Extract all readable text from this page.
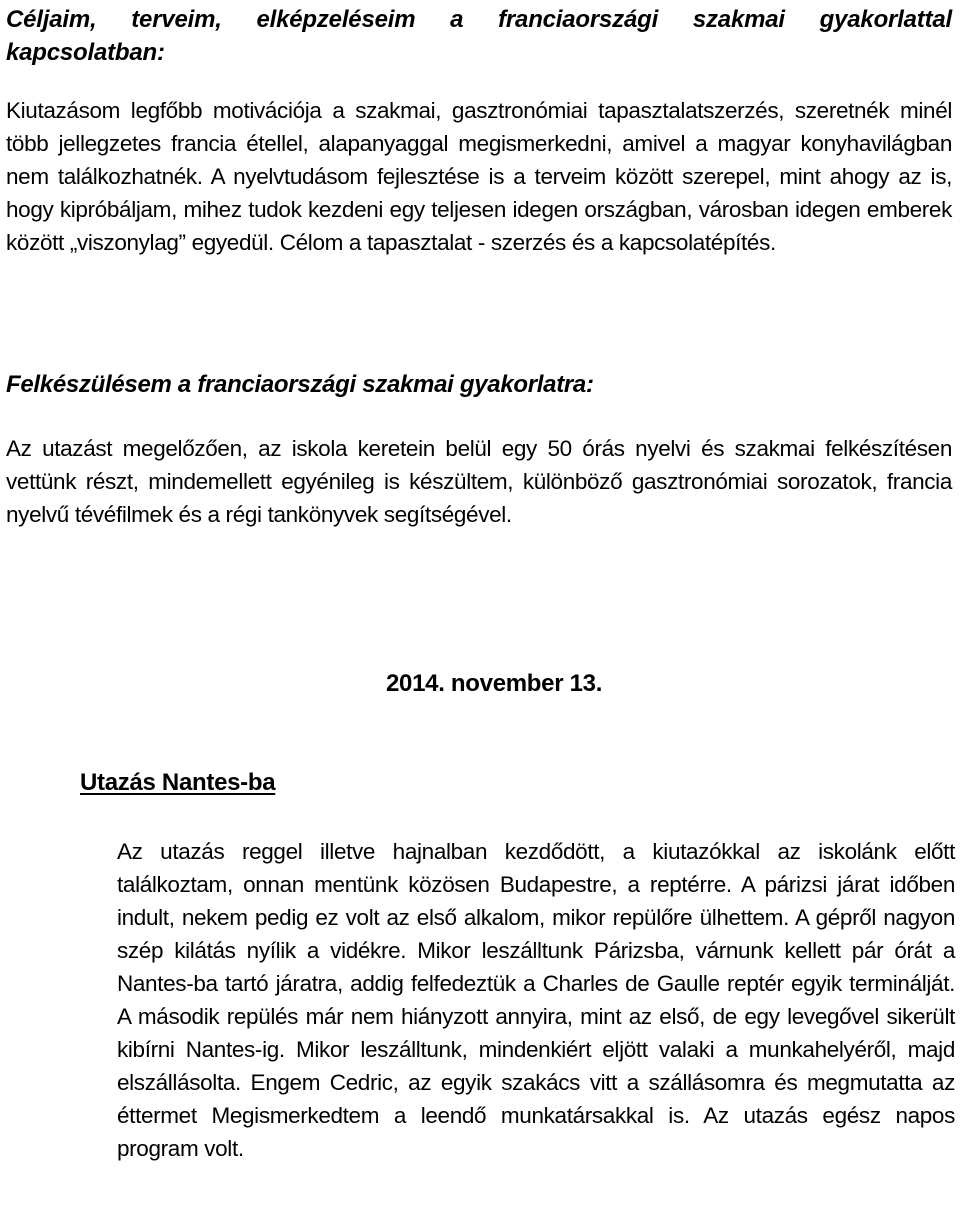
Céljaim, terveim, elképzeléseim a franciaországi szakmai gyakorlattal kapcsolatban:

Kiutazásom legfőbb motivációja a szakmai, gasztronómiai tapasztalatszerzés, szeretnék minél több jellegzetes francia étellel, alapanyaggal megismerkedni, amivel a magyar konyhavilágban nem találkozhatnék. A nyelvtudásom fejlesztése is a terveim között szerepel, mint ahogy az is, hogy kipróbáljam, mihez tudok kezdeni egy teljesen idegen országban, városban idegen emberek között „viszonylag” egyedül. Célom a tapasztalat - szerzés és a kapcsolatépítés.

Felkészülésem a franciaországi szakmai gyakorlatra:

Az utazást megelőzően, az iskola keretein belül egy 50 órás nyelvi és szakmai felkészítésen vettünk részt, mindemellett egyénileg is készültem, különböző gasztronómiai sorozatok, francia nyelvű tévéfilmek és a régi tankönyvek segítségével.

2014. november 13.

Utazás Nantes-ba

Az utazás reggel illetve hajnalban kezdődött, a kiutazókkal az iskolánk előtt találkoztam, onnan mentünk közösen Budapestre, a reptérre. A párizsi járat időben indult, nekem pedig ez volt az első alkalom, mikor repülőre ülhettem. A gépről nagyon szép kilátás nyílik a vidékre. Mikor leszálltunk Párizsba, várnunk kellett pár órát a Nantes-ba tartó járatra, addig felfedeztük a Charles de Gaulle reptér egyik terminálját. A második repülés már nem hiányzott annyira, mint az első, de egy levegővel sikerült kibírni Nantes-ig. Mikor leszálltunk, mindenkiért eljött valaki a munkahelyéről, majd elszállásolta. Engem Cedric, az egyik szakács vitt a szállásomra és megmutatta az éttermet Megismerkedtem a leendő munkatársakkal is. Az utazás egész napos program volt.
